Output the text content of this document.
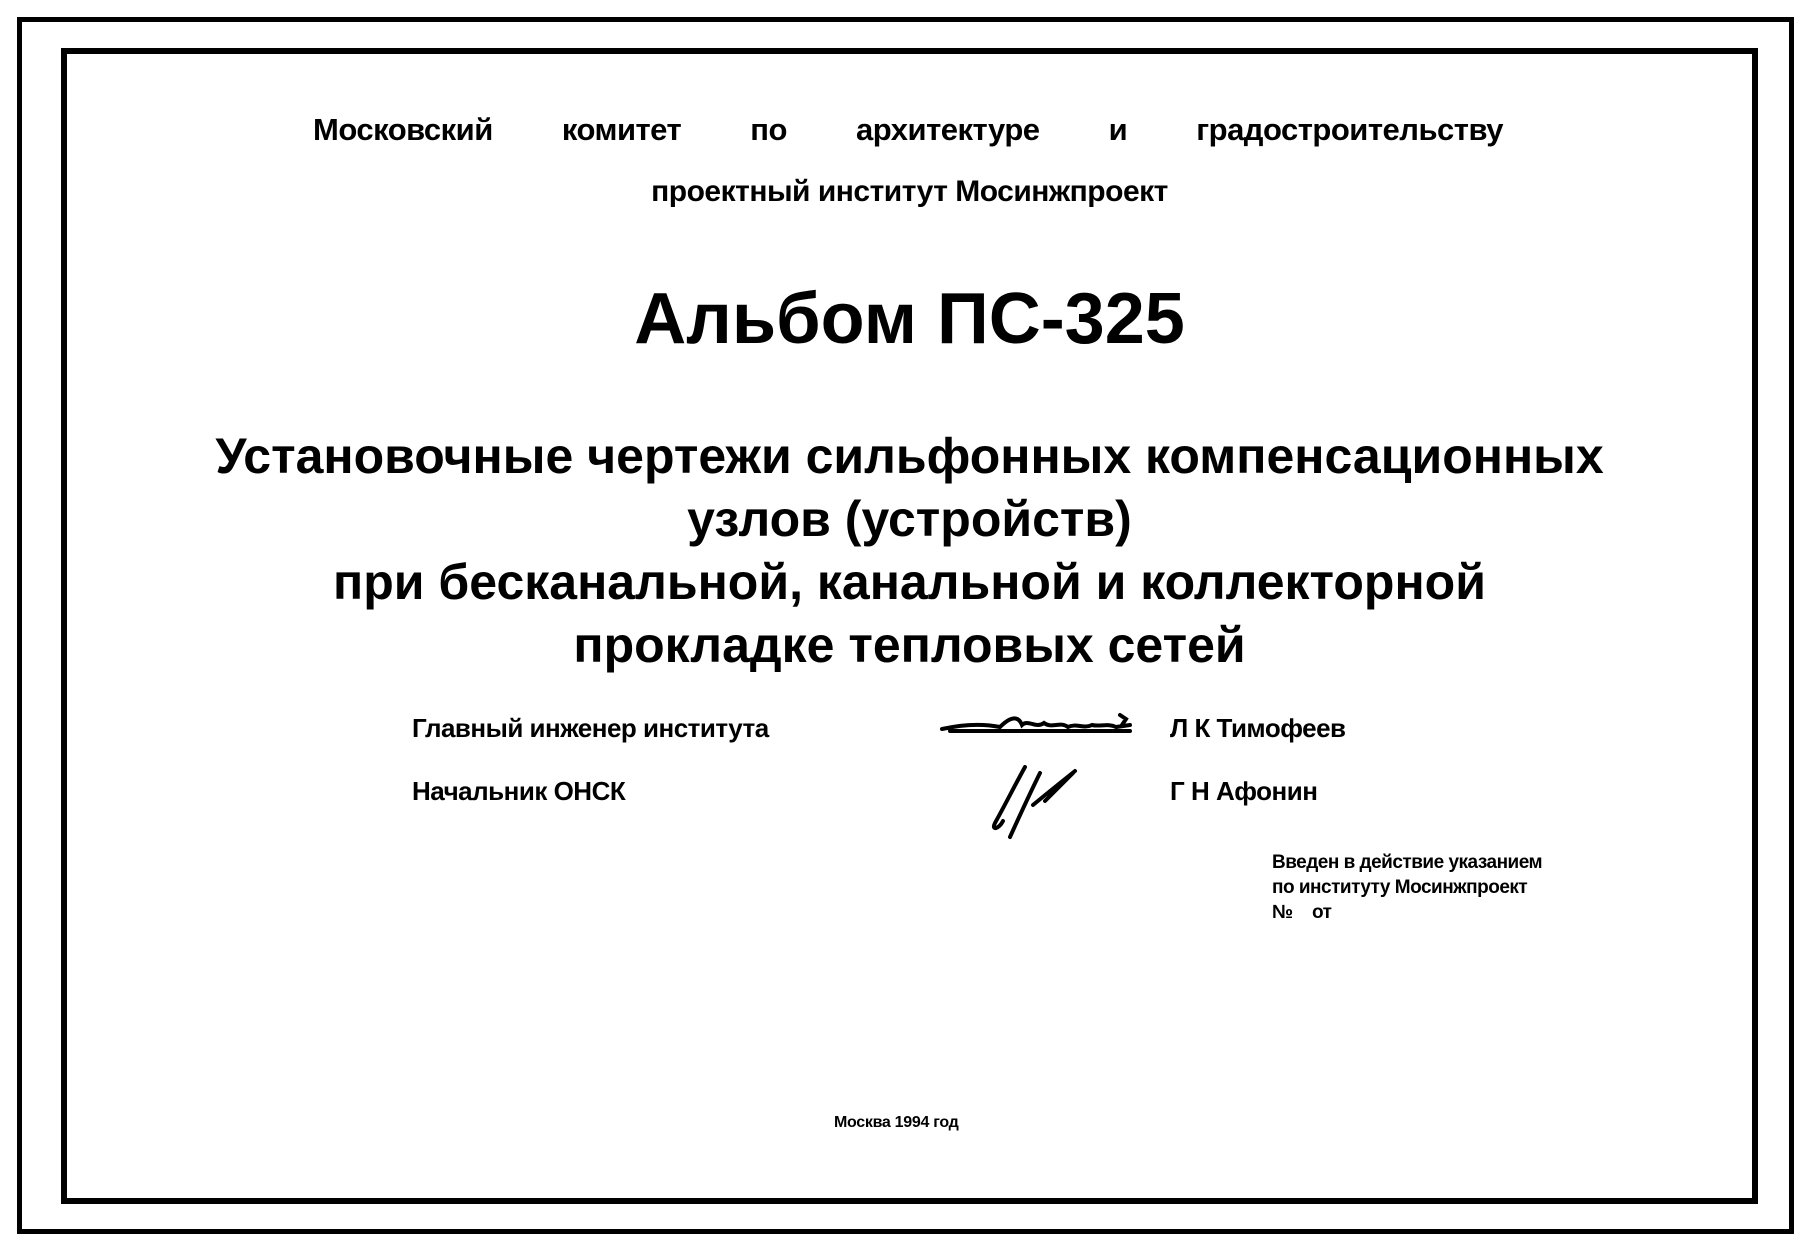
Московский комитет по архитектуре и градостроительству
проектный институт Мосинжпроект
Альбом ПС-325
Установочные чертежи сильфонных компенсационных
узлов (устройств)
при бесканальной, канальной и коллекторной
прокладке тепловых сетей
Главный инженер института	Л К Тимофеев
Начальник ОНСК	Г Н Афонин
Введен в действие указанием
по институту Мосинжпроект
№ от
Москва 1994 год
